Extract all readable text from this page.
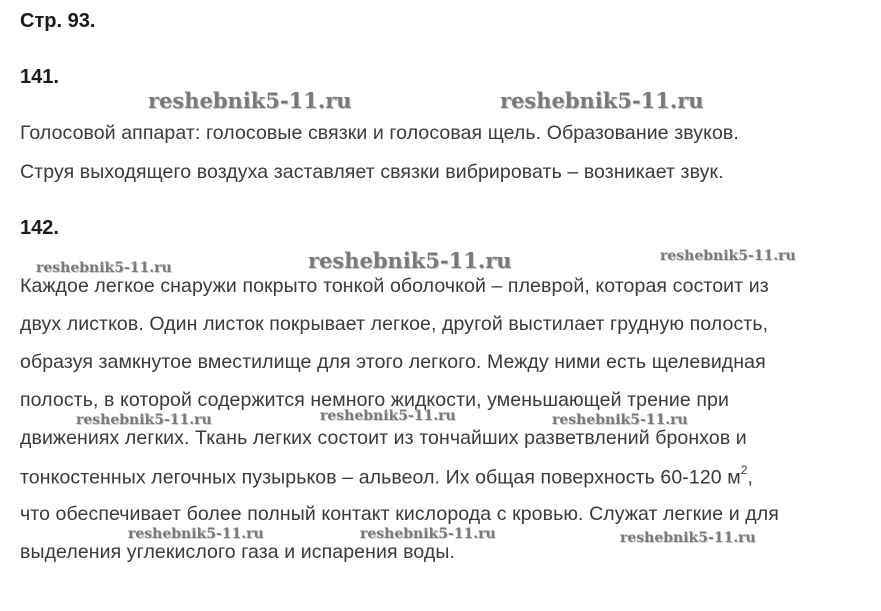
Стр. 93.
141.
reshebnik5-11.ru	reshebnik5-11.ru
Голосовой аппарат: голосовые связки и голосовая щель. Образование звуков.
Струя выходящего воздуха заставляет связки вибрировать – возникает звук.
142.
reshebnik5-11.ru	reshebnik5-11.ru	reshebnik5-11.ru
Каждое легкое снаружи покрыто тонкой оболочкой – плеврой, которая состоит из
двух листков. Один листок покрывает легкое, другой выстилает грудную полость,
образуя замкнутое вместилище для этого легкого. Между ними есть щелевидная
полость, в которой содержится немного жидкости, уменьшающей трение при
reshebnik5-11.ru	reshebnik5-11.ru	reshebnik5-11.ru
движениях легких. Ткань легких состоит из тончайших разветвлений бронхов и
тонкостенных легочных пузырьков – альвеол. Их общая поверхность 60-120 $м^2$,
что обеспечивает более полный контакт кислорода с кровью. Служат легкие и для
reshebnik5-11.ru	reshebnik5-11.ru	reshebnik5-11.ru
выделения углекислого газа и испарения воды.
